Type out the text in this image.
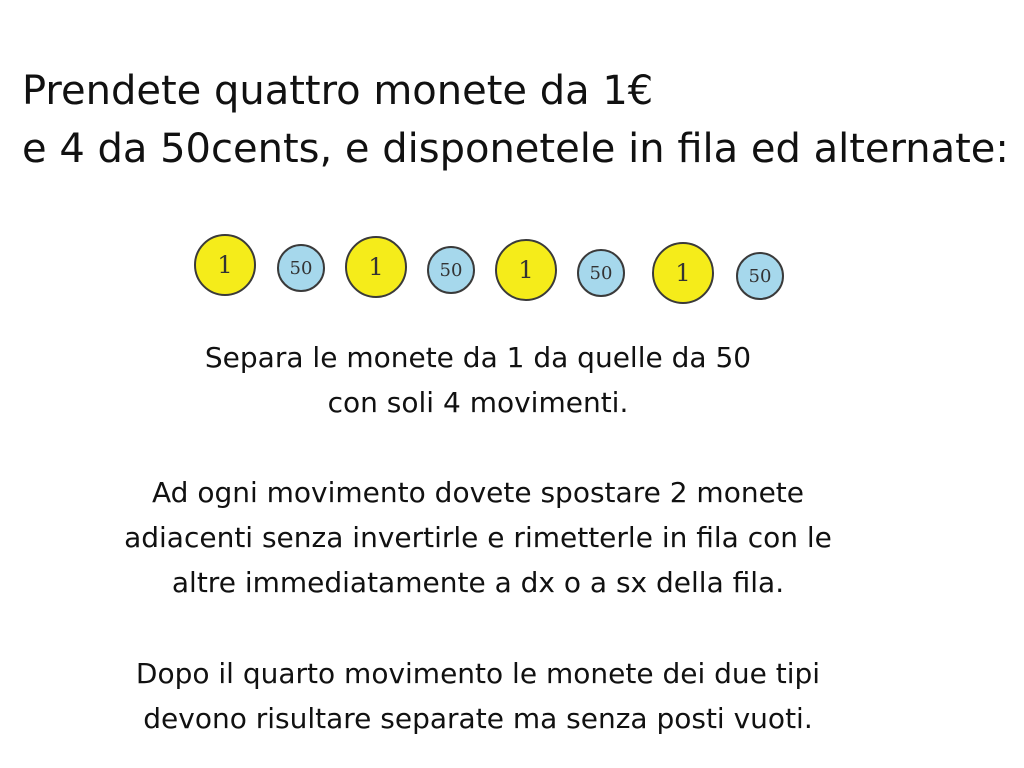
Prendete quattro monete da 1€
e 4 da 50cents, e disponetele in fila ed alternate:
1	50 1	50 1	50	1	50

Separa le monete da 1 da quelle da 50
con soli 4 movimenti.

Ad ogni movimento dovete spostare 2 monete
adiacenti senza invertirle e rimetterle in fila con le
altre immediatamente a dx o a sx della fila.

Dopo il quarto movimento le monete dei due tipi
devono risultare separate ma senza posti vuoti.
